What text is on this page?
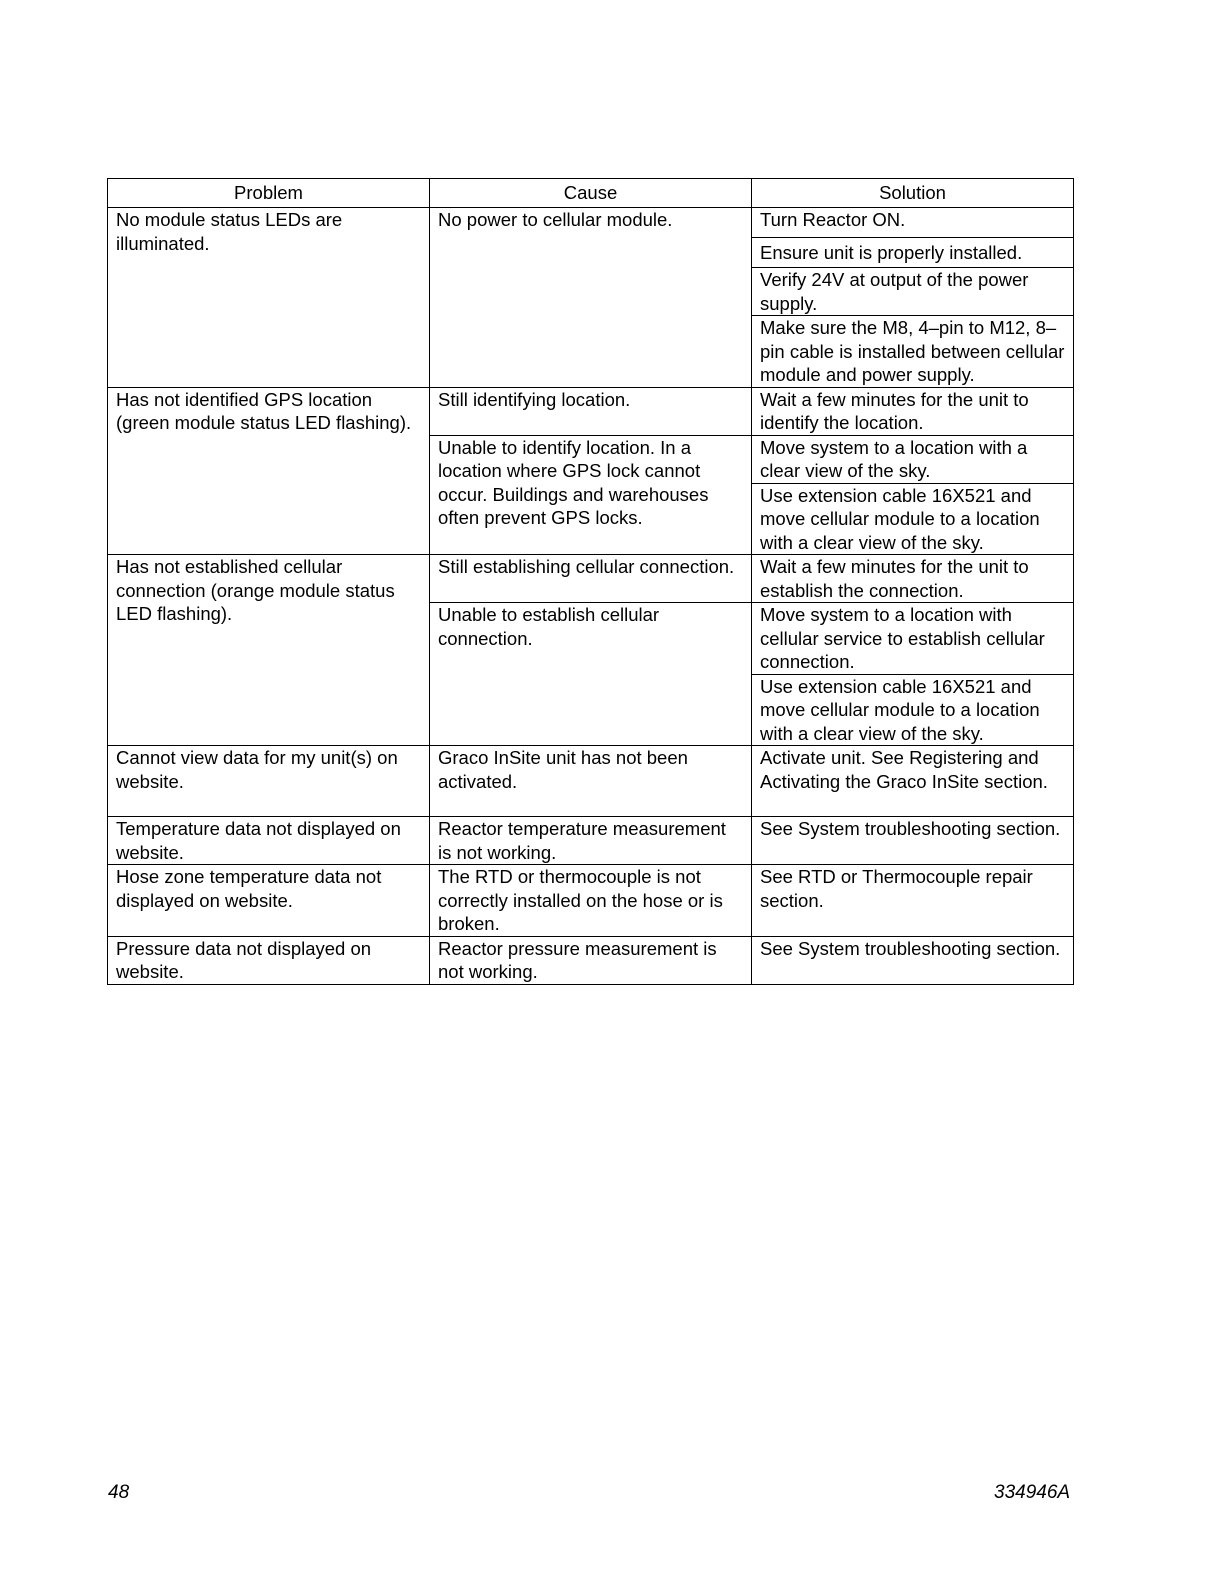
Problem	Cause	Solution
No module status LEDs are illuminated.	No power to cellular module.	Turn Reactor ON.
		Ensure unit is properly installed.
		Verify 24V at output of the power supply.
		Make sure the M8, 4–pin to M12, 8–pin cable is installed between cellular module and power supply.
Has not identified GPS location (green module status LED flashing).	Still identifying location.	Wait a few minutes for the unit to identify the location.
	Unable to identify location. In a location where GPS lock cannot occur. Buildings and warehouses often prevent GPS locks.	Move system to a location with a clear view of the sky.
		Use extension cable 16X521 and move cellular module to a location with a clear view of the sky.
Has not established cellular connection (orange module status LED flashing).	Still establishing cellular connection.	Wait a few minutes for the unit to establish the connection.
	Unable to establish cellular connection.	Move system to a location with cellular service to establish cellular connection.
		Use extension cable 16X521 and move cellular module to a location with a clear view of the sky.
Cannot view data for my unit(s) on website.	Graco InSite unit has not been activated.	Activate unit. See Registering and Activating the Graco InSite section.
Temperature data not displayed on website.	Reactor temperature measurement is not working.	See System troubleshooting section.
Hose zone temperature data not displayed on website.	The RTD or thermocouple is not correctly installed on the hose or is broken.	See RTD or Thermocouple repair section.
Pressure data not displayed on website.	Reactor pressure measurement is not working.	See System troubleshooting section.
48	334946A
